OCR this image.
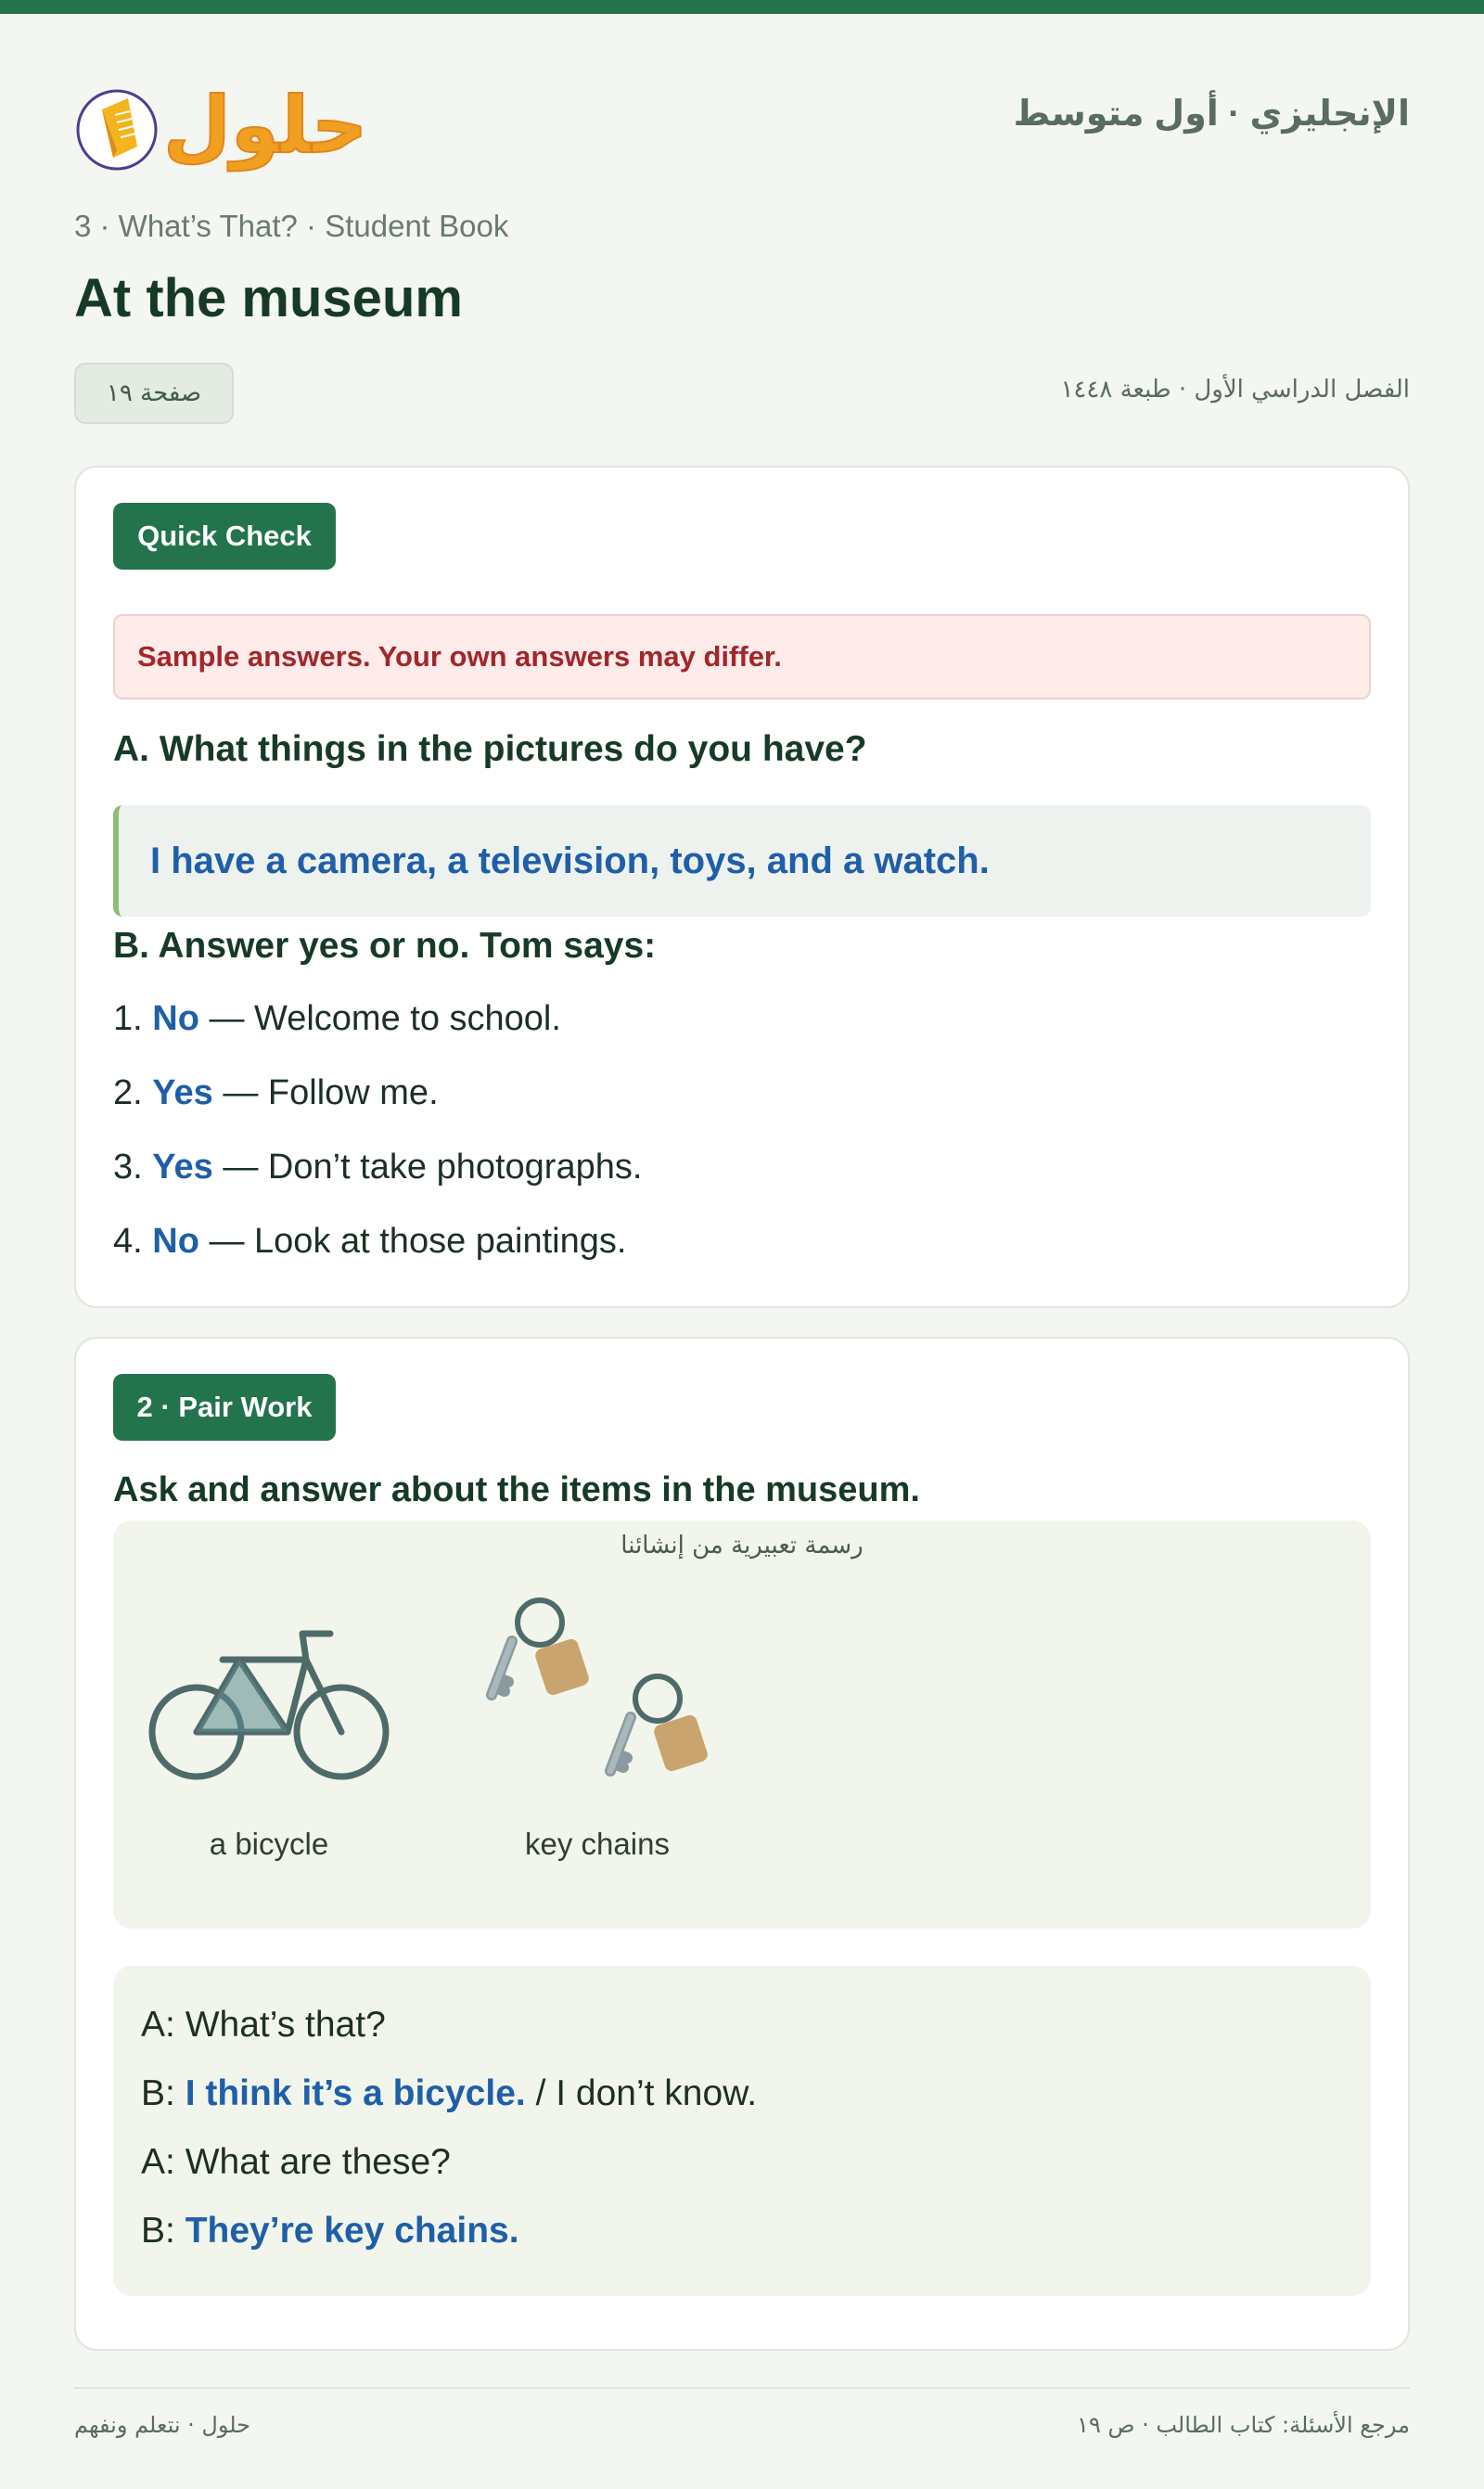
حلول	الإنجليزي · أول متوسط
3 · What’s That? · Student Book
At the museum
صفحة ١٩	الفصل الدراسي الأول · طبعة ١٤٤٨
Quick Check
Sample answers. Your own answers may differ.
A. What things in the pictures do you have?
I have a camera, a television, toys, and a watch.
B. Answer yes or no. Tom says:
1. No — Welcome to school.
2. Yes — Follow me.
3. Yes — Don’t take photographs.
4. No — Look at those paintings.
2 · Pair Work
Ask and answer about the items in the museum.
رسمة تعبيرية من إنشائنا
a bicycle	key chains
A: What’s that?
B: I think it’s a bicycle. / I don’t know.
A: What are these?
B: They’re key chains.
حلول · نتعلم ونفهم	مرجع الأسئلة: كتاب الطالب · ص ١٩
